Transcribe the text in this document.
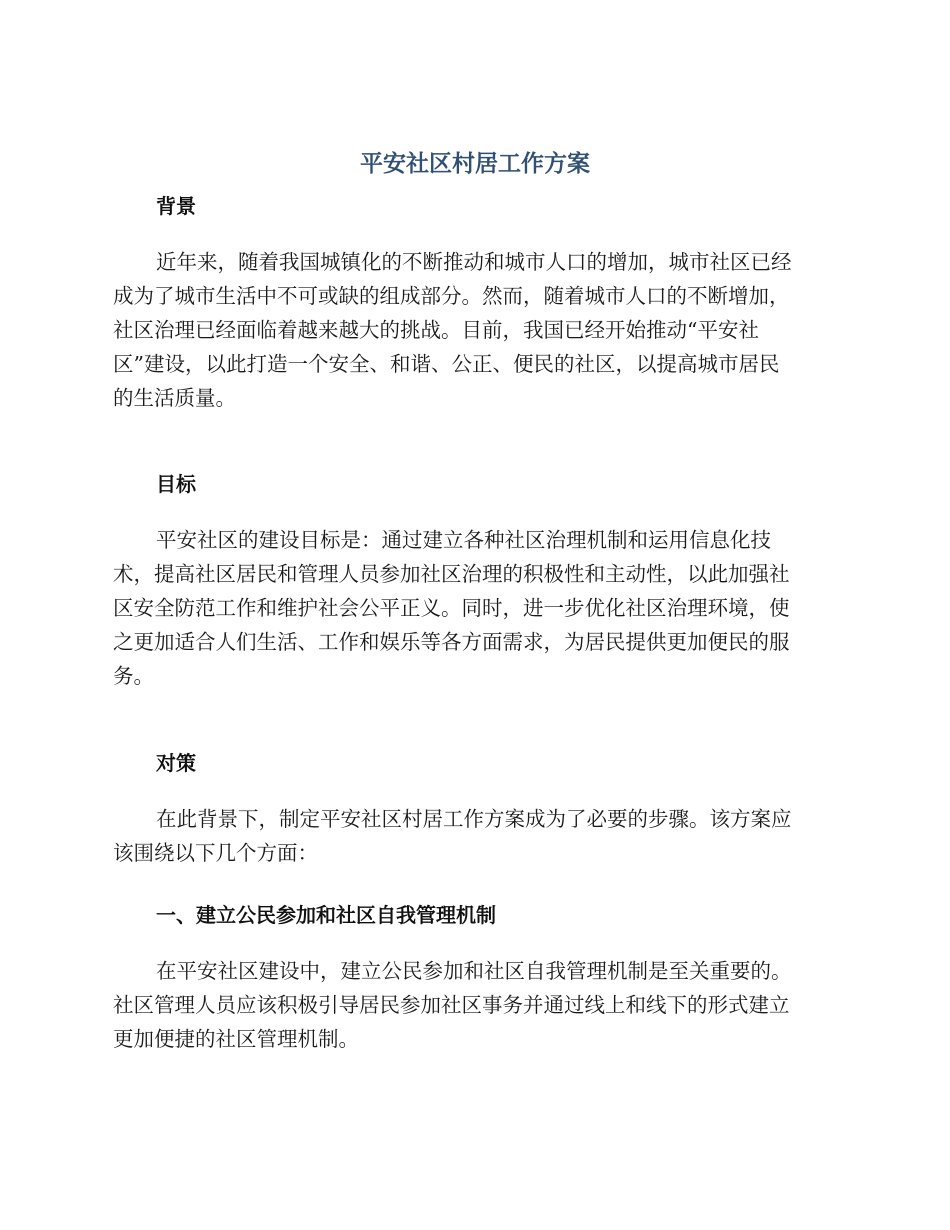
平安社区村居工作方案
背景
近年来，随着我国城镇化的不断推动和城市人口的增加，城市社区已经
成为了城市生活中不可或缺的组成部分。然而，随着城市人口的不断增加，
社区治理已经面临着越来越大的挑战。目前，我国已经开始推动“平安社
区”建设，以此打造一个安全、和谐、公正、便民的社区，以提高城市居民
的生活质量。
目标
平安社区的建设目标是：通过建立各种社区治理机制和运用信息化技
术，提高社区居民和管理人员参加社区治理的积极性和主动性，以此加强社
区安全防范工作和维护社会公平正义。同时，进一步优化社区治理环境，使
之更加适合人们生活、工作和娱乐等各方面需求，为居民提供更加便民的服
务。
对策
在此背景下，制定平安社区村居工作方案成为了必要的步骤。该方案应
该围绕以下几个方面：
一、建立公民参加和社区自我管理机制
在平安社区建设中，建立公民参加和社区自我管理机制是至关重要的。
社区管理人员应该积极引导居民参加社区事务并通过线上和线下的形式建立
更加便捷的社区管理机制。
